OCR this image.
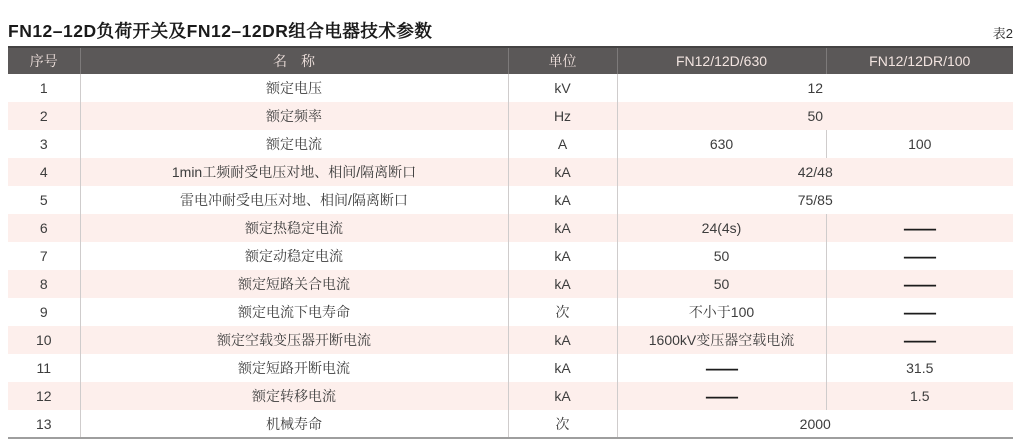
FN12–12D负荷开关及FN12–12DR组合电器技术参数	表2
序号	名　称	单位	FN12/12D/630	FN12/12DR/100
1	额定电压	kV	12	
2	额定频率	Hz	50	
3	额定电流	A	630	100
4	1min工频耐受电压对地、相间/隔离断口	kA	42/48	
5	雷电冲耐受电压对地、相间/隔离断口	kA	75/85	
6	额定热稳定电流	kA	24(4s)	—
7	额定动稳定电流	kA	50	—
8	额定短路关合电流	kA	50	—
9	额定电流下电寿命	次	不小于100	—
10	额定空载变压器开断电流	kA	1600kV变压器空载电流	—
11	额定短路开断电流	kA	—	31.5
12	额定转移电流	kA	—	1.5
13	机械寿命	次	2000	
